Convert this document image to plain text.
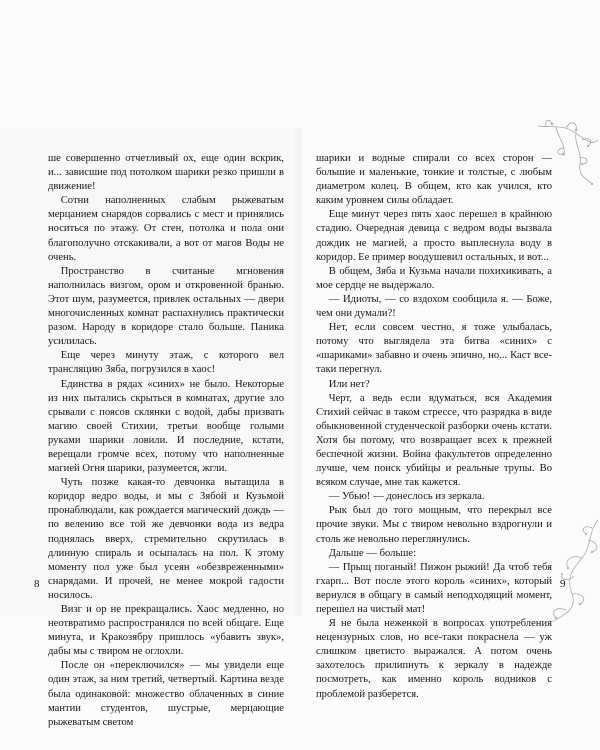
ше совершенно отчетливый ох, еще один вскрик, и... зависшие под потолком шарики резко пришли в движение!

Сотни наполненных слабым рыжеватым мерцанием снарядов сорвались с мест и принялись носиться по этажу. От стен, потолка и пола они благополучно отскакивали, а вот от магов Воды не очень.

Пространство в считаные мгновения наполнилась визгом, ором и откровенной бранью. Этот шум, разумеется, привлек остальных — двери многочисленных комнат распахнулись практически разом. Народу в коридоре стало больше. Паника усилилась.

Еще через минуту этаж, с которого вел трансляцию Зяба, погрузился в хаос!

Единства в рядах «синих» не было. Некоторые из них пытались скрыться в комнатах, другие зло срывали с поясов склянки с водой, дабы призвать магию своей Стихии, третьи вообще голыми руками шарики ловили. И последние, кстати, верещали громче всех, потому что наполненные магией Огня шарики, разумеется, жгли.

Чуть позже какая-то девчонка вытащила в коридор ведро воды, и мы с Зябой и Кузьмой пронаблюдали, как рождается магический дождь — по велению все той же девчонки вода из ведра поднялась вверх, стремительно скрутилась в длинную спираль и осыпалась на пол. К этому моменту пол уже был усеян «обезвреженными» снарядами. И прочей, не менее мокрой гадости носилось.

Визг и ор не прекращались. Хаос медленно, но неотвратимо распространялся по всей общаге. Еще минута, и Кракозябру пришлось «убавить звук», дабы мы с твиром не оглохли.

После он «переключился» — мы увидели еще один этаж, за ним третий, четвертый. Картина везде была одинаковой: множество облаченных в синие мантии студентов, шустрые, мерцающие рыжеватым светом

шарики и водные спирали со всех сторон — большие и маленькие, тонкие и толстые, с любым диаметром колец. В общем, кто как учился, кто каким уровнем силы обладает.

Еще минут через пять хаос перешел в крайнюю стадию. Очередная девица с ведром воды вызвала дождик не магией, а просто выплеснула воду в коридор. Ее пример воодушевил остальных, и вот...

В общем, Зяба и Кузьма начали похихикивать, а мое сердце не выдержало.

— Идиоты, — со вздохом сообщила я. — Боже, чем они думали?!

Нет, если совсем честно, я тоже улыбалась, потому что выглядела эта битва «синих» с «шариками» забавно и очень эпично, но... Каст все-таки перегнул.

Или нет?

Черт, а ведь если вдуматься, вся Академия Стихий сейчас в таком стрессе, что разрядка в виде обыкновенной студенческой разборки очень кстати. Хотя бы потому, что возвращает всех к прежней беспечной жизни. Война факультетов определенно лучше, чем поиск убийцы и реальные трупы. Во всяком случае, мне так кажется.

— Убью! — донеслось из зеркала.

Рык был до того мощным, что перекрыл все прочие звуки. Мы с твиром невольно вздрогнули и столь же невольно переглянулись.

Дальше — больше:

— Прыщ поганый! Пижон рыжий! Да чтоб тебя гхарп... Вот после этого король «синих», который вернулся в общагу в самый неподходящий момент, перешел на чистый мат!

Я не была неженкой в вопросах употребления нецензурных слов, но все-таки покраснела — уж слишком цветисто выражался. А потом очень захотелось прилипнуть к зеркалу в надежде посмотреть, как именно король водников с проблемой разберется.

8	9
